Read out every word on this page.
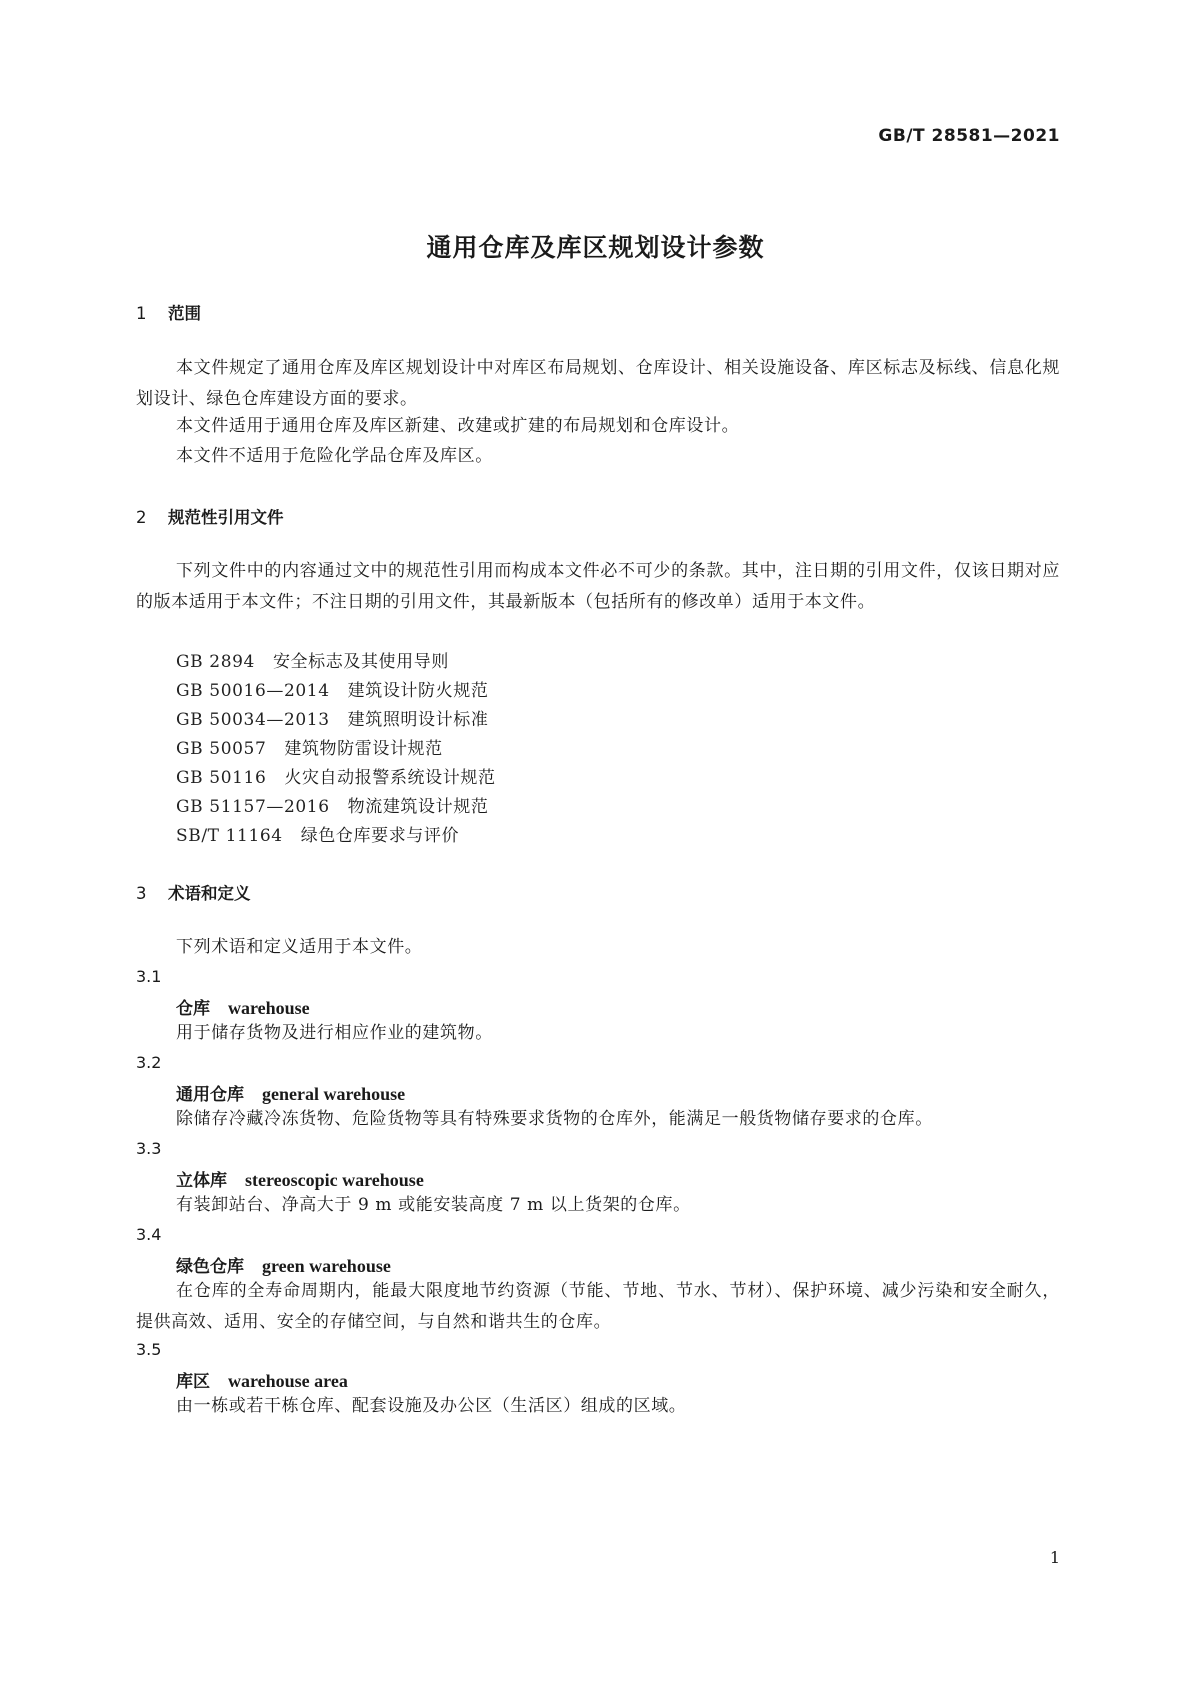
GB/T 28581—2021
通用仓库及库区规划设计参数
1 范围
本文件规定了通用仓库及库区规划设计中对库区布局规划、仓库设计、相关设施设备、库区标志及标线、信息化规划设计、绿色仓库建设方面的要求。
本文件适用于通用仓库及库区新建、改建或扩建的布局规划和仓库设计。
本文件不适用于危险化学品仓库及库区。
2 规范性引用文件
下列文件中的内容通过文中的规范性引用而构成本文件必不可少的条款。其中，注日期的引用文件，仅该日期对应的版本适用于本文件；不注日期的引用文件，其最新版本（包括所有的修改单）适用于本文件。
GB 2894 安全标志及其使用导则
GB 50016—2014 建筑设计防火规范
GB 50034—2013 建筑照明设计标准
GB 50057 建筑物防雷设计规范
GB 50116 火灾自动报警系统设计规范
GB 51157—2016 物流建筑设计规范
SB/T 11164 绿色仓库要求与评价
3 术语和定义
下列术语和定义适用于本文件。
3.1
仓库 warehouse
用于储存货物及进行相应作业的建筑物。
3.2
通用仓库 general warehouse
除储存冷藏冷冻货物、危险货物等具有特殊要求货物的仓库外，能满足一般货物储存要求的仓库。
3.3
立体库 stereoscopic warehouse
有装卸站台、净高大于 9 m 或能安装高度 7 m 以上货架的仓库。
3.4
绿色仓库 green warehouse
在仓库的全寿命周期内，能最大限度地节约资源（节能、节地、节水、节材）、保护环境、减少污染和安全耐久，提供高效、适用、安全的存储空间，与自然和谐共生的仓库。
3.5
库区 warehouse area
由一栋或若干栋仓库、配套设施及办公区（生活区）组成的区域。
1
